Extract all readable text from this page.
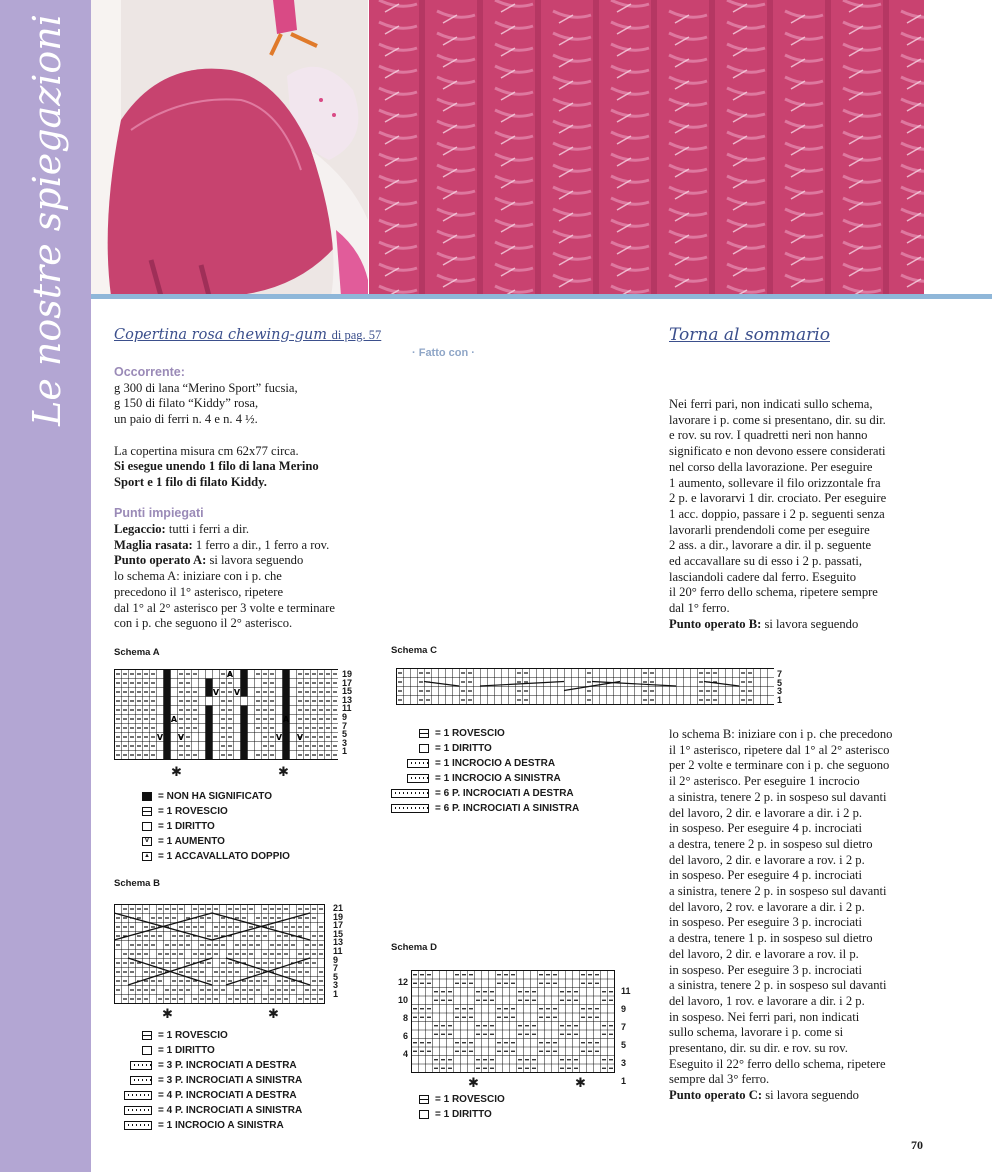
Le nostre spiegazioni	Copertina rosa chewing-gum di pag. 57
· Fatto con ·
Torna al sommario
Occorrente:
g 300 di lana “Merino Sport” fucsia,
g 150 di filato “Kiddy” rosa,
un paio di ferri n. 4 e n. 4 ½.
La copertina misura cm 62x77 circa.
Si esegue unendo 1 filo di lana Merino
Sport e 1 filo di filato Kiddy.
Punti impiegati
Legaccio: tutti i ferri a dir.
Maglia rasata: 1 ferro a dir., 1 ferro a rov.
Punto operato A: si lavora seguendo
lo schema A: iniziare con i p. che
precedono il 1° asterisco, ripetere
dal 1° al 2° asterisco per 3 volte e terminare
con i p. che seguono il 2° asterisco.
Nei ferri pari, non indicati sullo schema,
lavorare i p. come si presentano, dir. su dir.
e rov. su rov. I quadretti neri non hanno
significato e non devono essere considerati
nel corso della lavorazione. Per eseguire
1 aumento, sollevare il filo orizzontale fra
2 p. e lavorarvi 1 dir. crociato. Per eseguire
1 acc. doppio, passare i 2 p. seguenti senza
lavorarli prendendoli come per eseguire
2 ass. a dir., lavorare a dir. il p. seguente
ed accavallare su di esso i 2 p. passati,
lasciandoli cadere dal ferro. Eseguito
il 20° ferro dello schema, ripetere sempre
dal 1° ferro.
Punto operato B: si lavora seguendo
lo schema B: iniziare con i p. che precedono
il 1° asterisco, ripetere dal 1° al 2° asterisco
per 2 volte e terminare con i p. che seguono
il 2° asterisco. Per eseguire 1 incrocio
a sinistra, tenere 2 p. in sospeso sul davanti
del lavoro, 2 dir. e lavorare a dir. i 2 p.
in sospeso. Per eseguire 4 p. incrociati
a destra, tenere 2 p. in sospeso sul dietro
del lavoro, 2 dir. e lavorare a rov. i 2 p.
in sospeso. Per eseguire 4 p. incrociati
a sinistra, tenere 2 p. in sospeso sul davanti
del lavoro, 2 rov. e lavorare a dir. i 2 p.
in sospeso. Per eseguire 3 p. incrociati
a destra, tenere 1 p. in sospeso sul dietro
del lavoro, 2 dir. e lavorare a rov. il p.
in sospeso. Per eseguire 3 p. incrociati
a sinistra, tenere 2 p. in sospeso sul davanti
del lavoro, 1 rov. e lavorare a dir. i 2 p.
in sospeso. Nei ferri pari, non indicati
sullo schema, lavorare i p. come si
presentano, dir. su dir. e rov. su rov.
Eseguito il 22° ferro dello schema, ripetere
sempre dal 3° ferro.
Punto operato C: si lavora seguendo
Schema A
A
V V
A	A
V V	V V
19
17
15
13
11
9
7
5
3
1
✱	✱
= NON HA SIGNIFICATO
= 1 ROVESCIO
= 1 DIRITTO
v = 1 AUMENTO
▲ = 1 ACCAVALLATO DOPPIO
Schema B
21
19
17
15
13
11
9
7
5
3
1
✱	✱
= 1 ROVESCIO
= 1 DIRITTO
= 3 P. INCROCIATI A DESTRA
= 3 P. INCROCIATI A SINISTRA
= 4 P. INCROCIATI A DESTRA
= 4 P. INCROCIATI A SINISTRA
= 1 INCROCIO A SINISTRA
Schema C
7
5
3
1
= 1 ROVESCIO
= 1 DIRITTO
= 1 INCROCIO A DESTRA
= 1 INCROCIO A SINISTRA
= 6 P. INCROCIATI A DESTRA
= 6 P. INCROCIATI A SINISTRA
Schema D
12
10
8
6
4
11
9
7
5
3
1
✱	✱
= 1 ROVESCIO
= 1 DIRITTO
70
